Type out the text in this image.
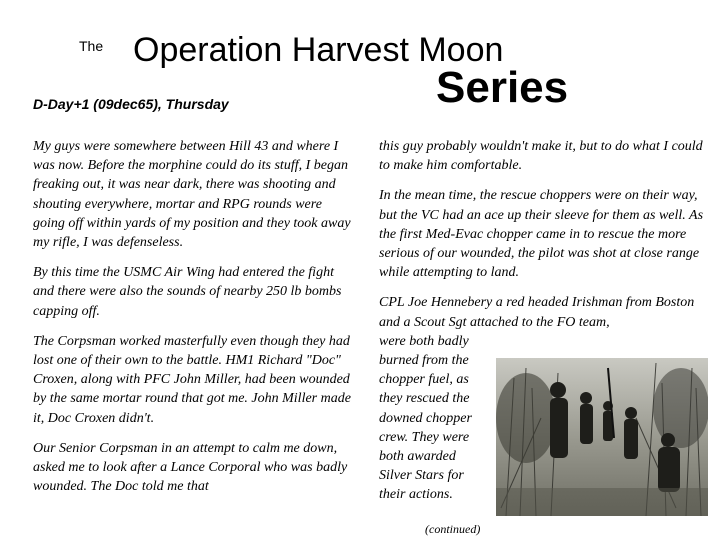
The Operation Harvest Moon
Series
D-Day+1 (09dec65), Thursday

My guys were somewhere between Hill 43 and where I was now. Before the morphine could do its stuff, I began freaking out, it was near dark, there was shooting and shouting everywhere, mortar and RPG rounds were going off within yards of my position and they took away my rifle, I was defenseless.

By this time the USMC Air Wing had entered the fight and there were also the sounds of nearby 250 lb bombs capping off.

The Corpsman worked masterfully even though they had lost one of their own to the battle. HM1 Richard "Doc" Croxen, along with PFC John Miller, had been wounded by the same mortar round that got me. John Miller made it, Doc Croxen didn't.

Our Senior Corpsman in an attempt to calm me down, asked me to look after a Lance Corporal who was badly wounded. The Doc told me that

this guy probably wouldn't make it, but to do what I could to make him comfortable.

In the mean time, the rescue choppers were on their way, but the VC had an ace up their sleeve for them as well. As the first Med-Evac chopper came in to rescue the more serious of our wounded, the pilot was shot at close range while attempting to land.

CPL Joe Hennebery a red headed Irishman from Boston and a Scout Sgt attached to the FO team,

were both badly burned from the chopper fuel, as they rescued the downed chopper crew. They were both awarded Silver Stars for their actions.

(continued)
